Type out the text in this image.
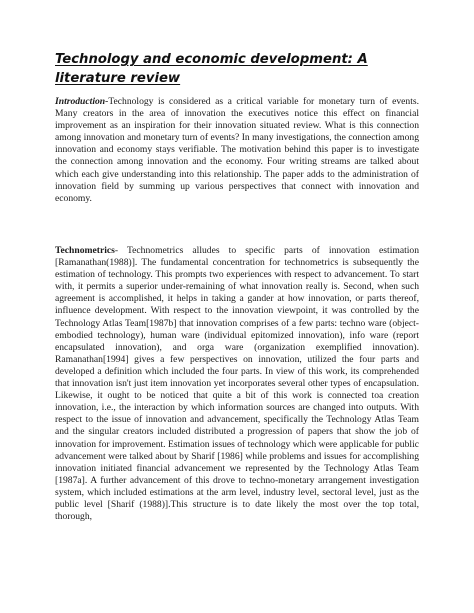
Technology and economic development: A literature review

Introduction-Technology is considered as a critical variable for monetary turn of events. Many creators in the area of innovation the executives notice this effect on financial improvement as an inspiration for their innovation situated review. What is this connection among innovation and monetary turn of events? In many investigations, the connection among innovation and economy stays verifiable. The motivation behind this paper is to investigate the connection among innovation and the economy. Four writing streams are talked about which each give understanding into this relationship. The paper adds to the administration of innovation field by summing up various perspectives that connect with innovation and economy.

Technometrics- Technometrics alludes to specific parts of innovation estimation [Ramanathan(1988)]. The fundamental concentration for technometrics is subsequently the estimation of technology. This prompts two experiences with respect to advancement. To start with, it permits a superior under-remaining of what innovation really is. Second, when such agreement is accomplished, it helps in taking a gander at how innovation, or parts thereof, influence development. With respect to the innovation viewpoint, it was controlled by the Technology Atlas Team[1987b] that innovation comprises of a few parts: techno ware (object-embodied technology), human ware (individual epitomized innovation), info ware (report encapsulated innovation), and orga ware (organization exemplified innovation). Ramanathan[1994] gives a few perspectives on innovation, utilized the four parts and developed a definition which included the four parts. In view of this work, its comprehended that innovation isn't just item innovation yet incorporates several other types of encapsulation. Likewise, it ought to be noticed that quite a bit of this work is connected toa creation innovation, i.e., the interaction by which information sources are changed into outputs. With respect to the issue of innovation and advancement, specifically the Technology Atlas Team and the singular creators included distributed a progression of papers that show the job of innovation for improvement. Estimation issues of technology which were applicable for public advancement were talked about by Sharif [1986] while problems and issues for accomplishing innovation initiated financial advancement we represented by the Technology Atlas Team [1987a]. A further advancement of this drove to techno-monetary arrangement investigation system, which included estimations at the arm level, industry level, sectoral level, just as the public level [Sharif (1988)].This structure is to date likely the most over the top total, thorough,
